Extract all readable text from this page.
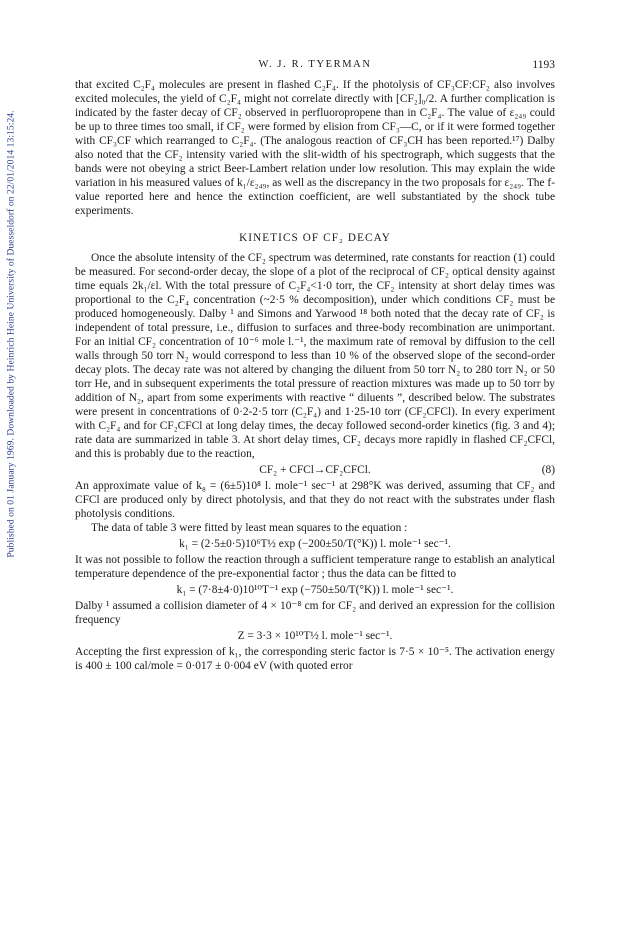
Published on 01 January 1969. Downloaded by Heinrich Heine University of Duesseldorf on 22/01/2014 13:15:24.
W. J. R. TYERMAN	1193

that excited C₂F₄ molecules are present in flashed C₂F₄. If the photolysis of CF₃CF:CF₂ also involves excited molecules, the yield of C₂F₄ might not correlate directly with [CF₂]₀/2. A further complication is indicated by the faster decay of CF₂ observed in perfluoropropene than in C₂F₄. The value of ε₂₄₉ could be up to three times too small, if CF₂ were formed by elision from CF₃—C, or if it were formed together with CF₃CF which rearranged to C₂F₄. (The analogous reaction of CF₃CH has been reported.¹⁷) Dalby also noted that the CF₂ intensity varied with the slit-width of his spectrograph, which suggests that the bands were not obeying a strict Beer-Lambert relation under low resolution. This may explain the wide variation in his measured values of k₁/ε₂₄₉, as well as the discrepancy in the two proposals for ε₂₄₉. The f-value reported here and hence the extinction coefficient, are well substantiated by the shock tube experiments.

KINETICS OF CF₂ DECAY

Once the absolute intensity of the CF₂ spectrum was determined, rate constants for reaction (1) could be measured. For second-order decay, the slope of a plot of the reciprocal of CF₂ optical density against time equals 2k₁/εl. With the total pressure of C₂F₄<1·0 torr, the CF₂ intensity at short delay times was proportional to the C₂F₄ concentration (~2·5 % decomposition), under which conditions CF₂ must be produced homogeneously. Dalby ¹ and Simons and Yarwood ¹⁸ both noted that the decay rate of CF₂ is independent of total pressure, i.e., diffusion to surfaces and three-body recombination are unimportant. For an initial CF₂ concentration of 10⁻⁶ mole l.⁻¹, the maximum rate of removal by diffusion to the cell walls through 50 torr N₂ would correspond to less than 10 % of the observed slope of the second-order decay plots. The decay rate was not altered by changing the diluent from 50 torr N₂ to 280 torr N₂ or 50 torr He, and in subsequent experiments the total pressure of reaction mixtures was made up to 50 torr by addition of N₂, apart from some experiments with reactive “ diluents ”, described below. The substrates were present in concentrations of 0·2-2·5 torr (C₂F₄) and 1·25-10 torr (CF₂CFCl). In every experiment with C₂F₄ and for CF₂CFCl at long delay times, the decay followed second-order kinetics (fig. 3 and 4); rate data are summarized in table 3. At short delay times, CF₂ decays more rapidly in flashed CF₂CFCl, and this is probably due to the reaction,

CF₂ + CFCl→CF₂CFCl.	(8)

An approximate value of k₈ = (6±5)10⁸ l. mole⁻¹ sec⁻¹ at 298°K was derived, assuming that CF₂ and CFCl are produced only by direct photolysis, and that they do not react with the substrates under flash photolysis conditions.

The data of table 3 were fitted by least mean squares to the equation :

k₁ = (2·5±0·5)10⁶T½ exp (−200±50/T(°K)) l. mole⁻¹ sec⁻¹.

It was not possible to follow the reaction through a sufficient temperature range to establish an analytical temperature dependence of the pre-exponential factor ; thus the data can be fitted to

k₁ = (7·8±4·0)10¹⁰T⁻¹ exp (−750±50/T(°K)) l. mole⁻¹ sec⁻¹.

Dalby ¹ assumed a collision diameter of 4 × 10⁻⁸ cm for CF₂ and derived an expression for the collision frequency

Z = 3·3 × 10¹⁰T½ l. mole⁻¹ sec⁻¹.

Accepting the first expression of k₁, the corresponding steric factor is 7·5 × 10⁻⁵. The activation energy is 400 ± 100 cal/mole = 0·017 ± 0·004 eV (with quoted error
